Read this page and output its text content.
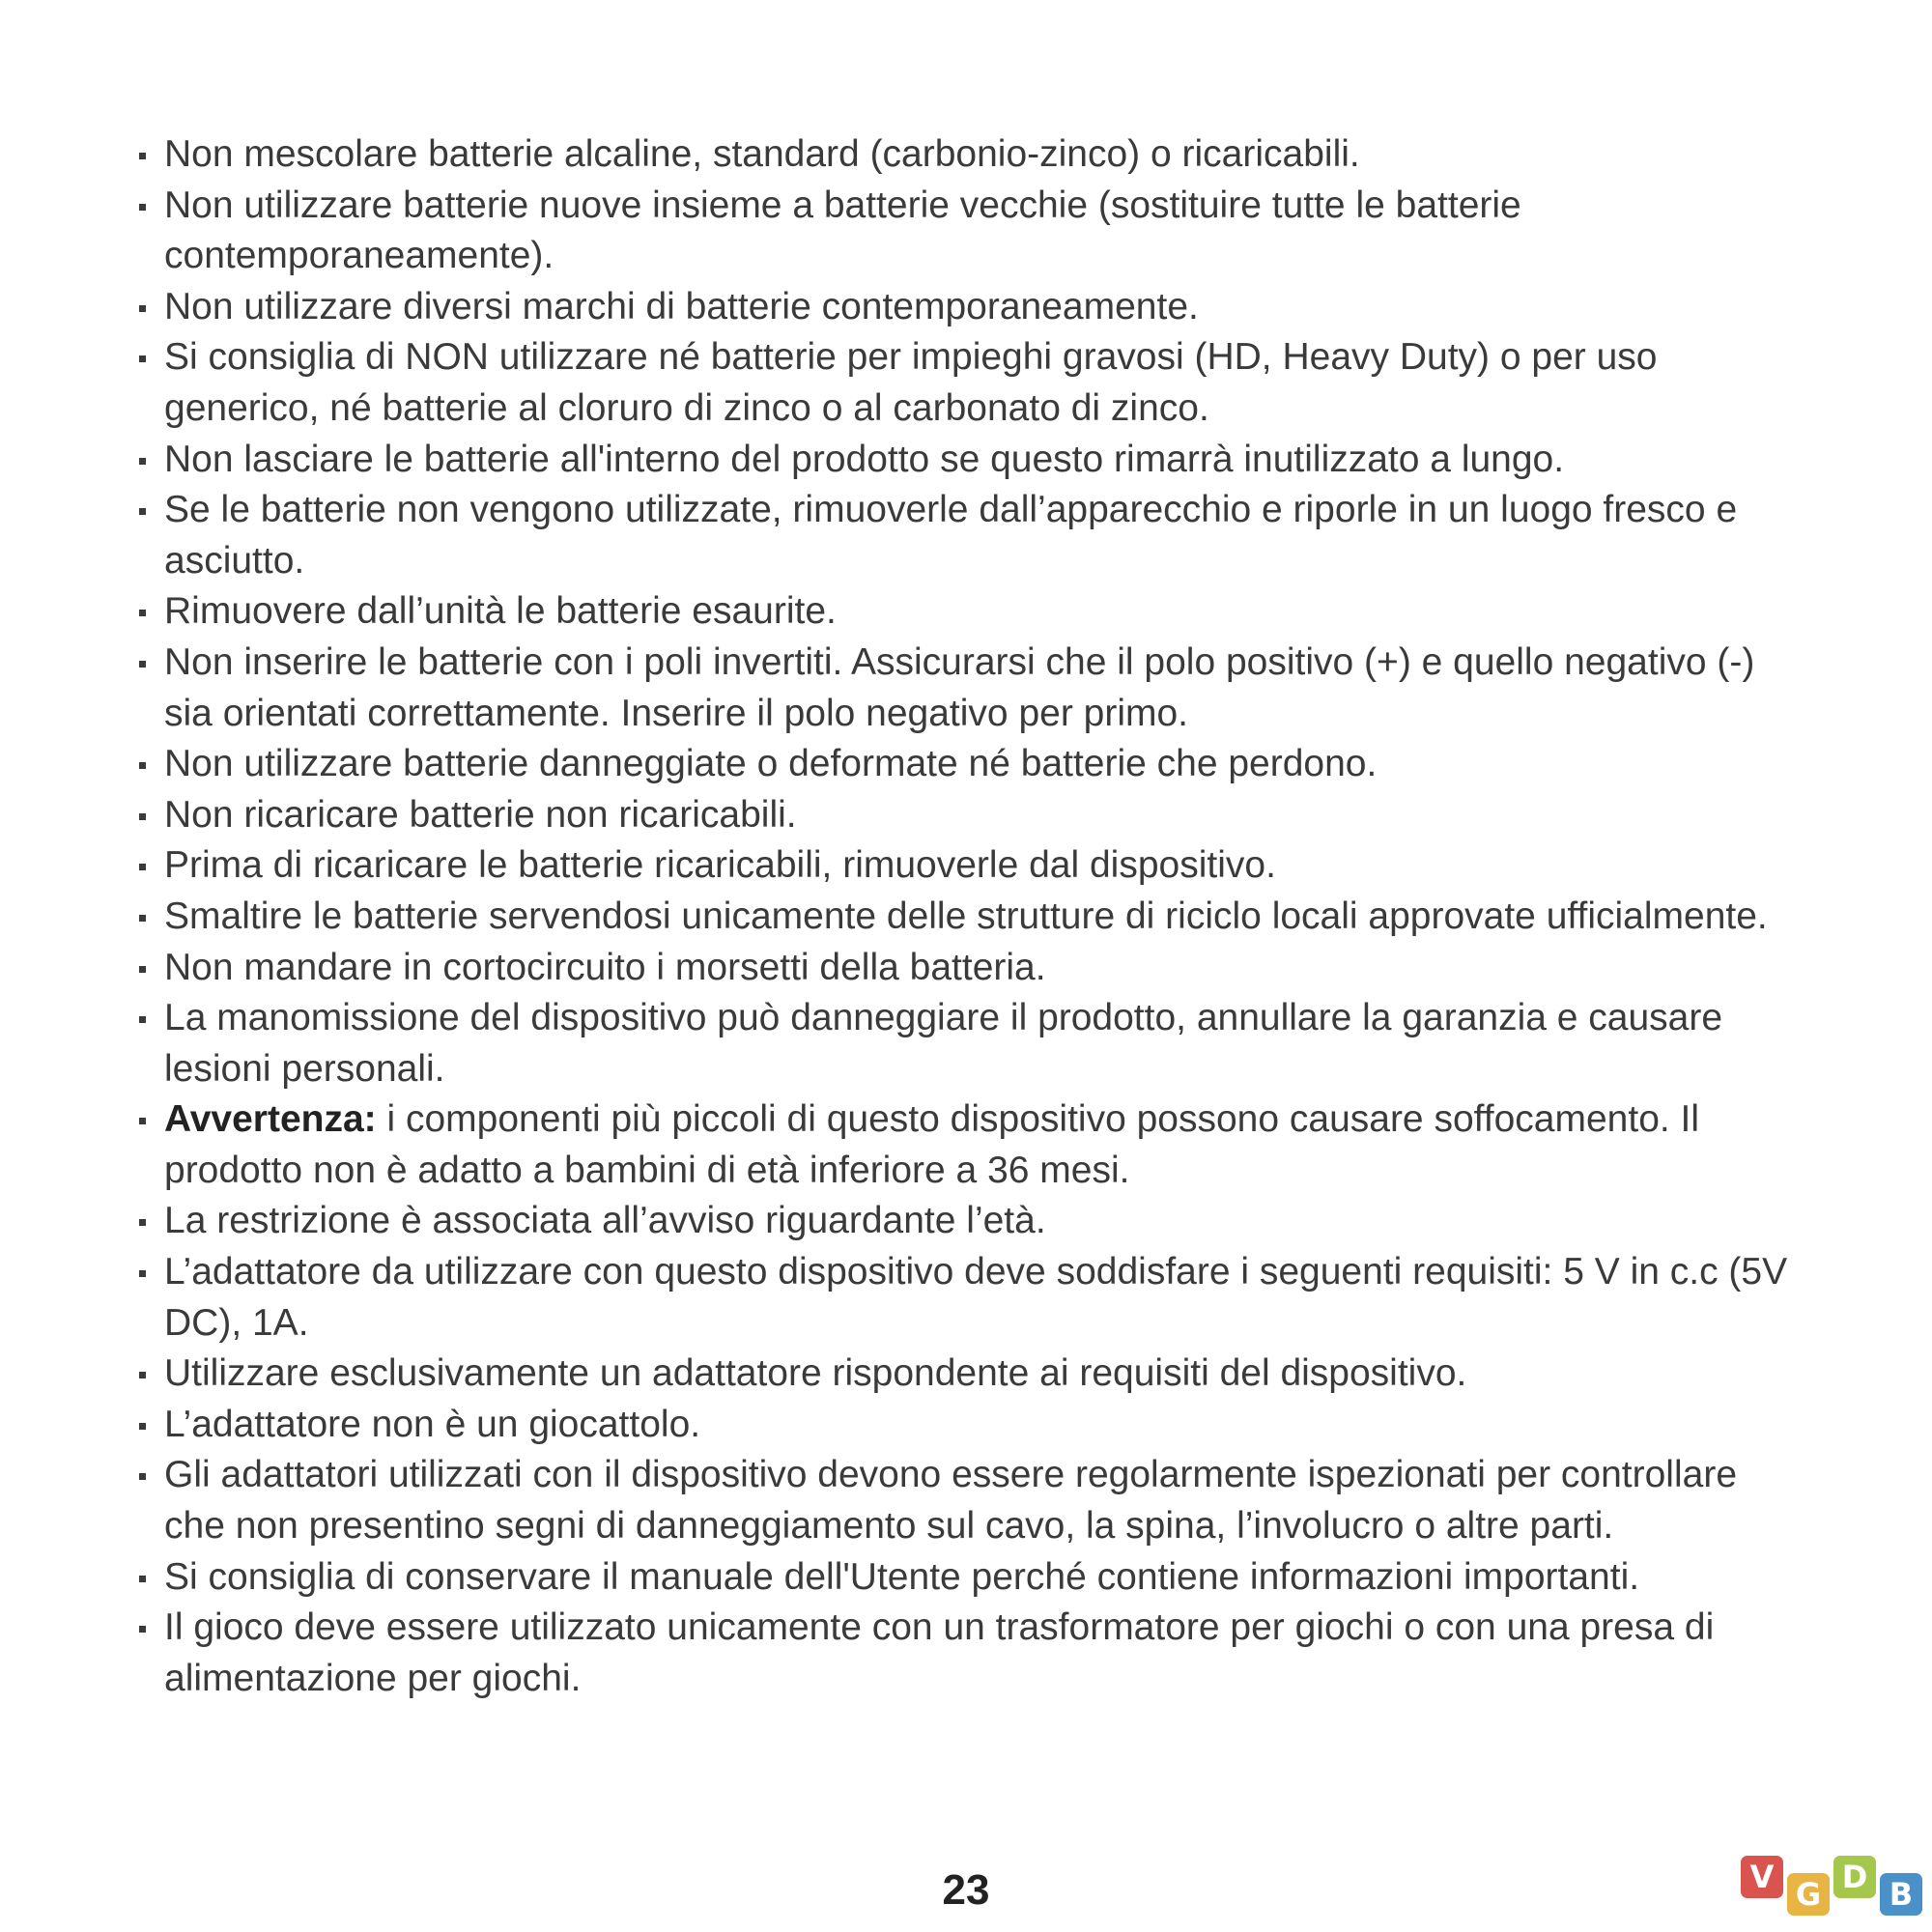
Non mescolare batterie alcaline, standard (carbonio-zinco) o ricaricabili.
Non utilizzare batterie nuove insieme a batterie vecchie (sostituire tutte le batterie contemporaneamente).
Non utilizzare diversi marchi di batterie contemporaneamente.
Si consiglia di NON utilizzare né batterie per impieghi gravosi (HD, Heavy Duty) o per uso generico, né batterie al cloruro di zinco o al carbonato di zinco.
Non lasciare le batterie all'interno del prodotto se questo rimarrà inutilizzato a lungo.
Se le batterie non vengono utilizzate, rimuoverle dall’apparecchio e riporle in un luogo fresco e asciutto.
Rimuovere dall’unità le batterie esaurite.
Non inserire le batterie con i poli invertiti. Assicurarsi che il polo positivo (+) e quello negativo (-) sia orientati correttamente. Inserire il polo negativo per primo.
Non utilizzare batterie danneggiate o deformate né batterie che perdono.
Non ricaricare batterie non ricaricabili.
Prima di ricaricare le batterie ricaricabili, rimuoverle dal dispositivo.
Smaltire le batterie servendosi unicamente delle strutture di riciclo locali approvate ufficialmente.
Non mandare in cortocircuito i morsetti della batteria.
La manomissione del dispositivo può danneggiare il prodotto, annullare la garanzia e causare lesioni personali.
Avvertenza: i componenti più piccoli di questo dispositivo possono causare soffocamento. Il prodotto non è adatto a bambini di età inferiore a 36 mesi.
La restrizione è associata all’avviso riguardante l’età.
L’adattatore da utilizzare con questo dispositivo deve soddisfare i seguenti requisiti: 5 V in c.c (5V DC), 1A.
Utilizzare esclusivamente un adattatore rispondente ai requisiti del dispositivo.
L’adattatore non è un giocattolo.
Gli adattatori utilizzati con il dispositivo devono essere regolarmente ispezionati per controllare che non presentino segni di danneggiamento sul cavo, la spina, l’involucro o altre parti.
Si consiglia di conservare il manuale dell'Utente perché contiene informazioni importanti.
Il gioco deve essere utilizzato unicamente con un trasformatore per giochi o con una presa di alimentazione per giochi.
23	V G D B
